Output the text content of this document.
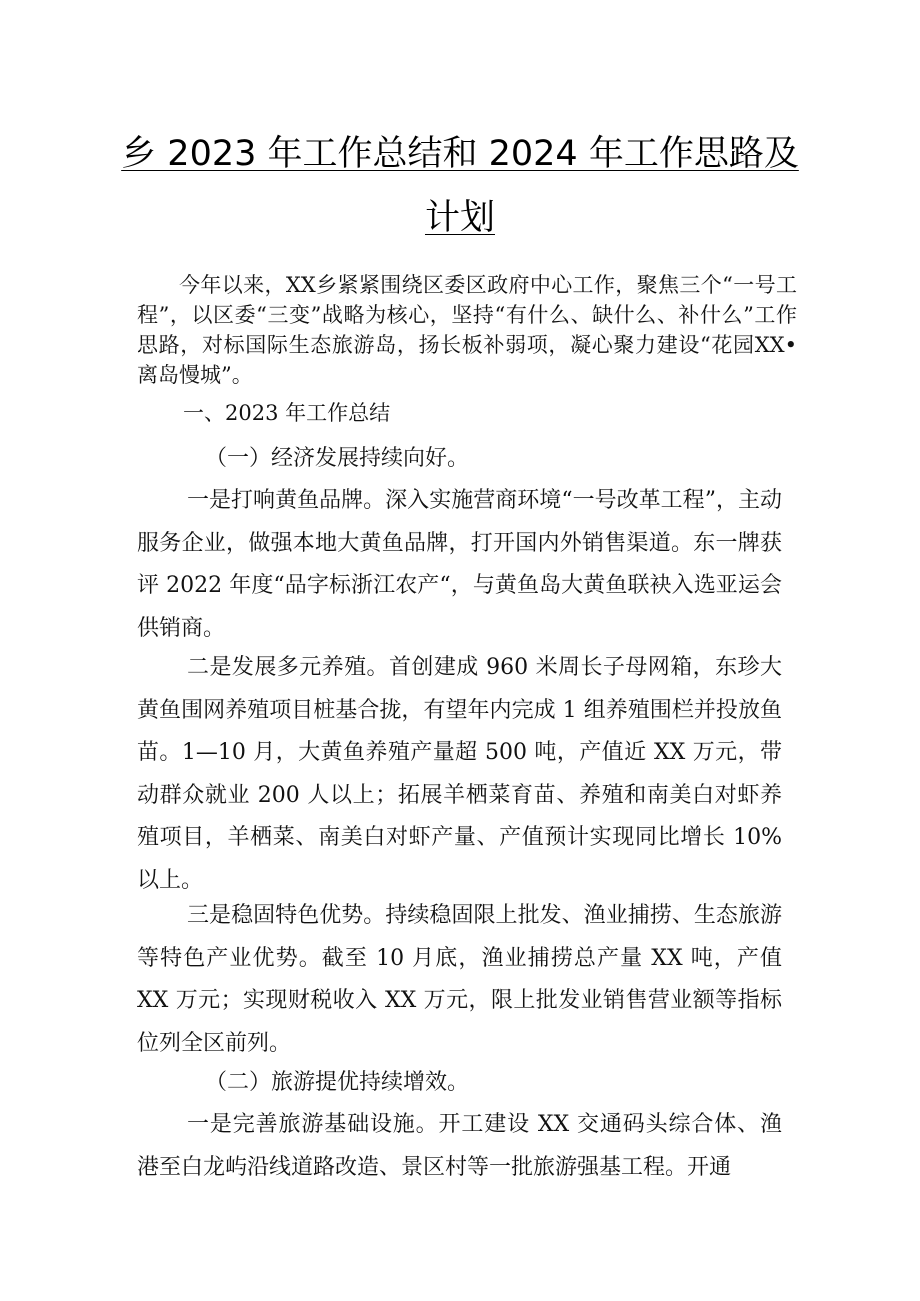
乡 2023 年工作总结和 2024 年工作思路及
计划
今年以来，XX乡紧紧围绕区委区政府中心工作，聚焦三个“一号工程”，以区委“三变”战略为核心，坚持“有什么、缺什么、补什么”工作思路，对标国际生态旅游岛，扬长板补弱项，凝心聚力建设“花园XX•离岛慢城”。
一、2023 年工作总结
（一）经济发展持续向好。
一是打响黄鱼品牌。深入实施营商环境“一号改革工程”，主动服务企业，做强本地大黄鱼品牌，打开国内外销售渠道。东一牌获评 2022 年度“品字标浙江农产“，与黄鱼岛大黄鱼联袂入选亚运会供销商。
二是发展多元养殖。首创建成 960 米周长子母网箱，东珍大黄鱼围网养殖项目桩基合拢，有望年内完成 1 组养殖围栏并投放鱼苗。1—10 月，大黄鱼养殖产量超 500 吨，产值近 XX 万元，带动群众就业 200 人以上；拓展羊栖菜育苗、养殖和南美白对虾养殖项目，羊栖菜、南美白对虾产量、产值预计实现同比增长 10%以上。
三是稳固特色优势。持续稳固限上批发、渔业捕捞、生态旅游等特色产业优势。截至 10 月底，渔业捕捞总产量 XX 吨，产值 XX 万元；实现财税收入 XX 万元，限上批发业销售营业额等指标位列全区前列。
（二）旅游提优持续增效。
一是完善旅游基础设施。开工建设 XX 交通码头综合体、渔港至白龙屿沿线道路改造、景区村等一批旅游强基工程。开通
